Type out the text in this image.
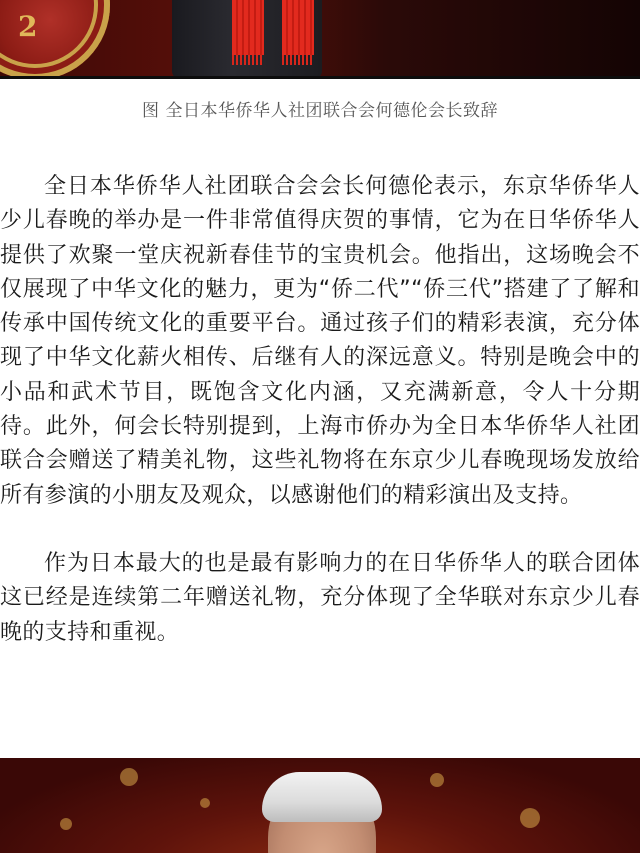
2
图 全日本华侨华人社团联合会何德伦会长致辞

全日本华侨华人社团联合会会长何德伦表示，东京华侨华人少儿春晚的举办是一件非常值得庆贺的事情，它为在日华侨华人提供了欢聚一堂庆祝新春佳节的宝贵机会。他指出，这场晚会不仅展现了中华文化的魅力，更为“侨二代”“侨三代”搭建了了解和传承中国传统文化的重要平台。通过孩子们的精彩表演，充分体现了中华文化薪火相传、后继有人的深远意义。特别是晚会中的小品和武术节目，既饱含文化内涵，又充满新意，令人十分期待。此外，何会长特别提到，上海市侨办为全日本华侨华人社团联合会赠送了精美礼物，这些礼物将在东京少儿春晚现场发放给所有参演的小朋友及观众，以感谢他们的精彩演出及支持。

作为日本最大的也是最有影响力的在日华侨华人的联合团体这已经是连续第二年赠送礼物，充分体现了全华联对东京少儿春晚的支持和重视。
